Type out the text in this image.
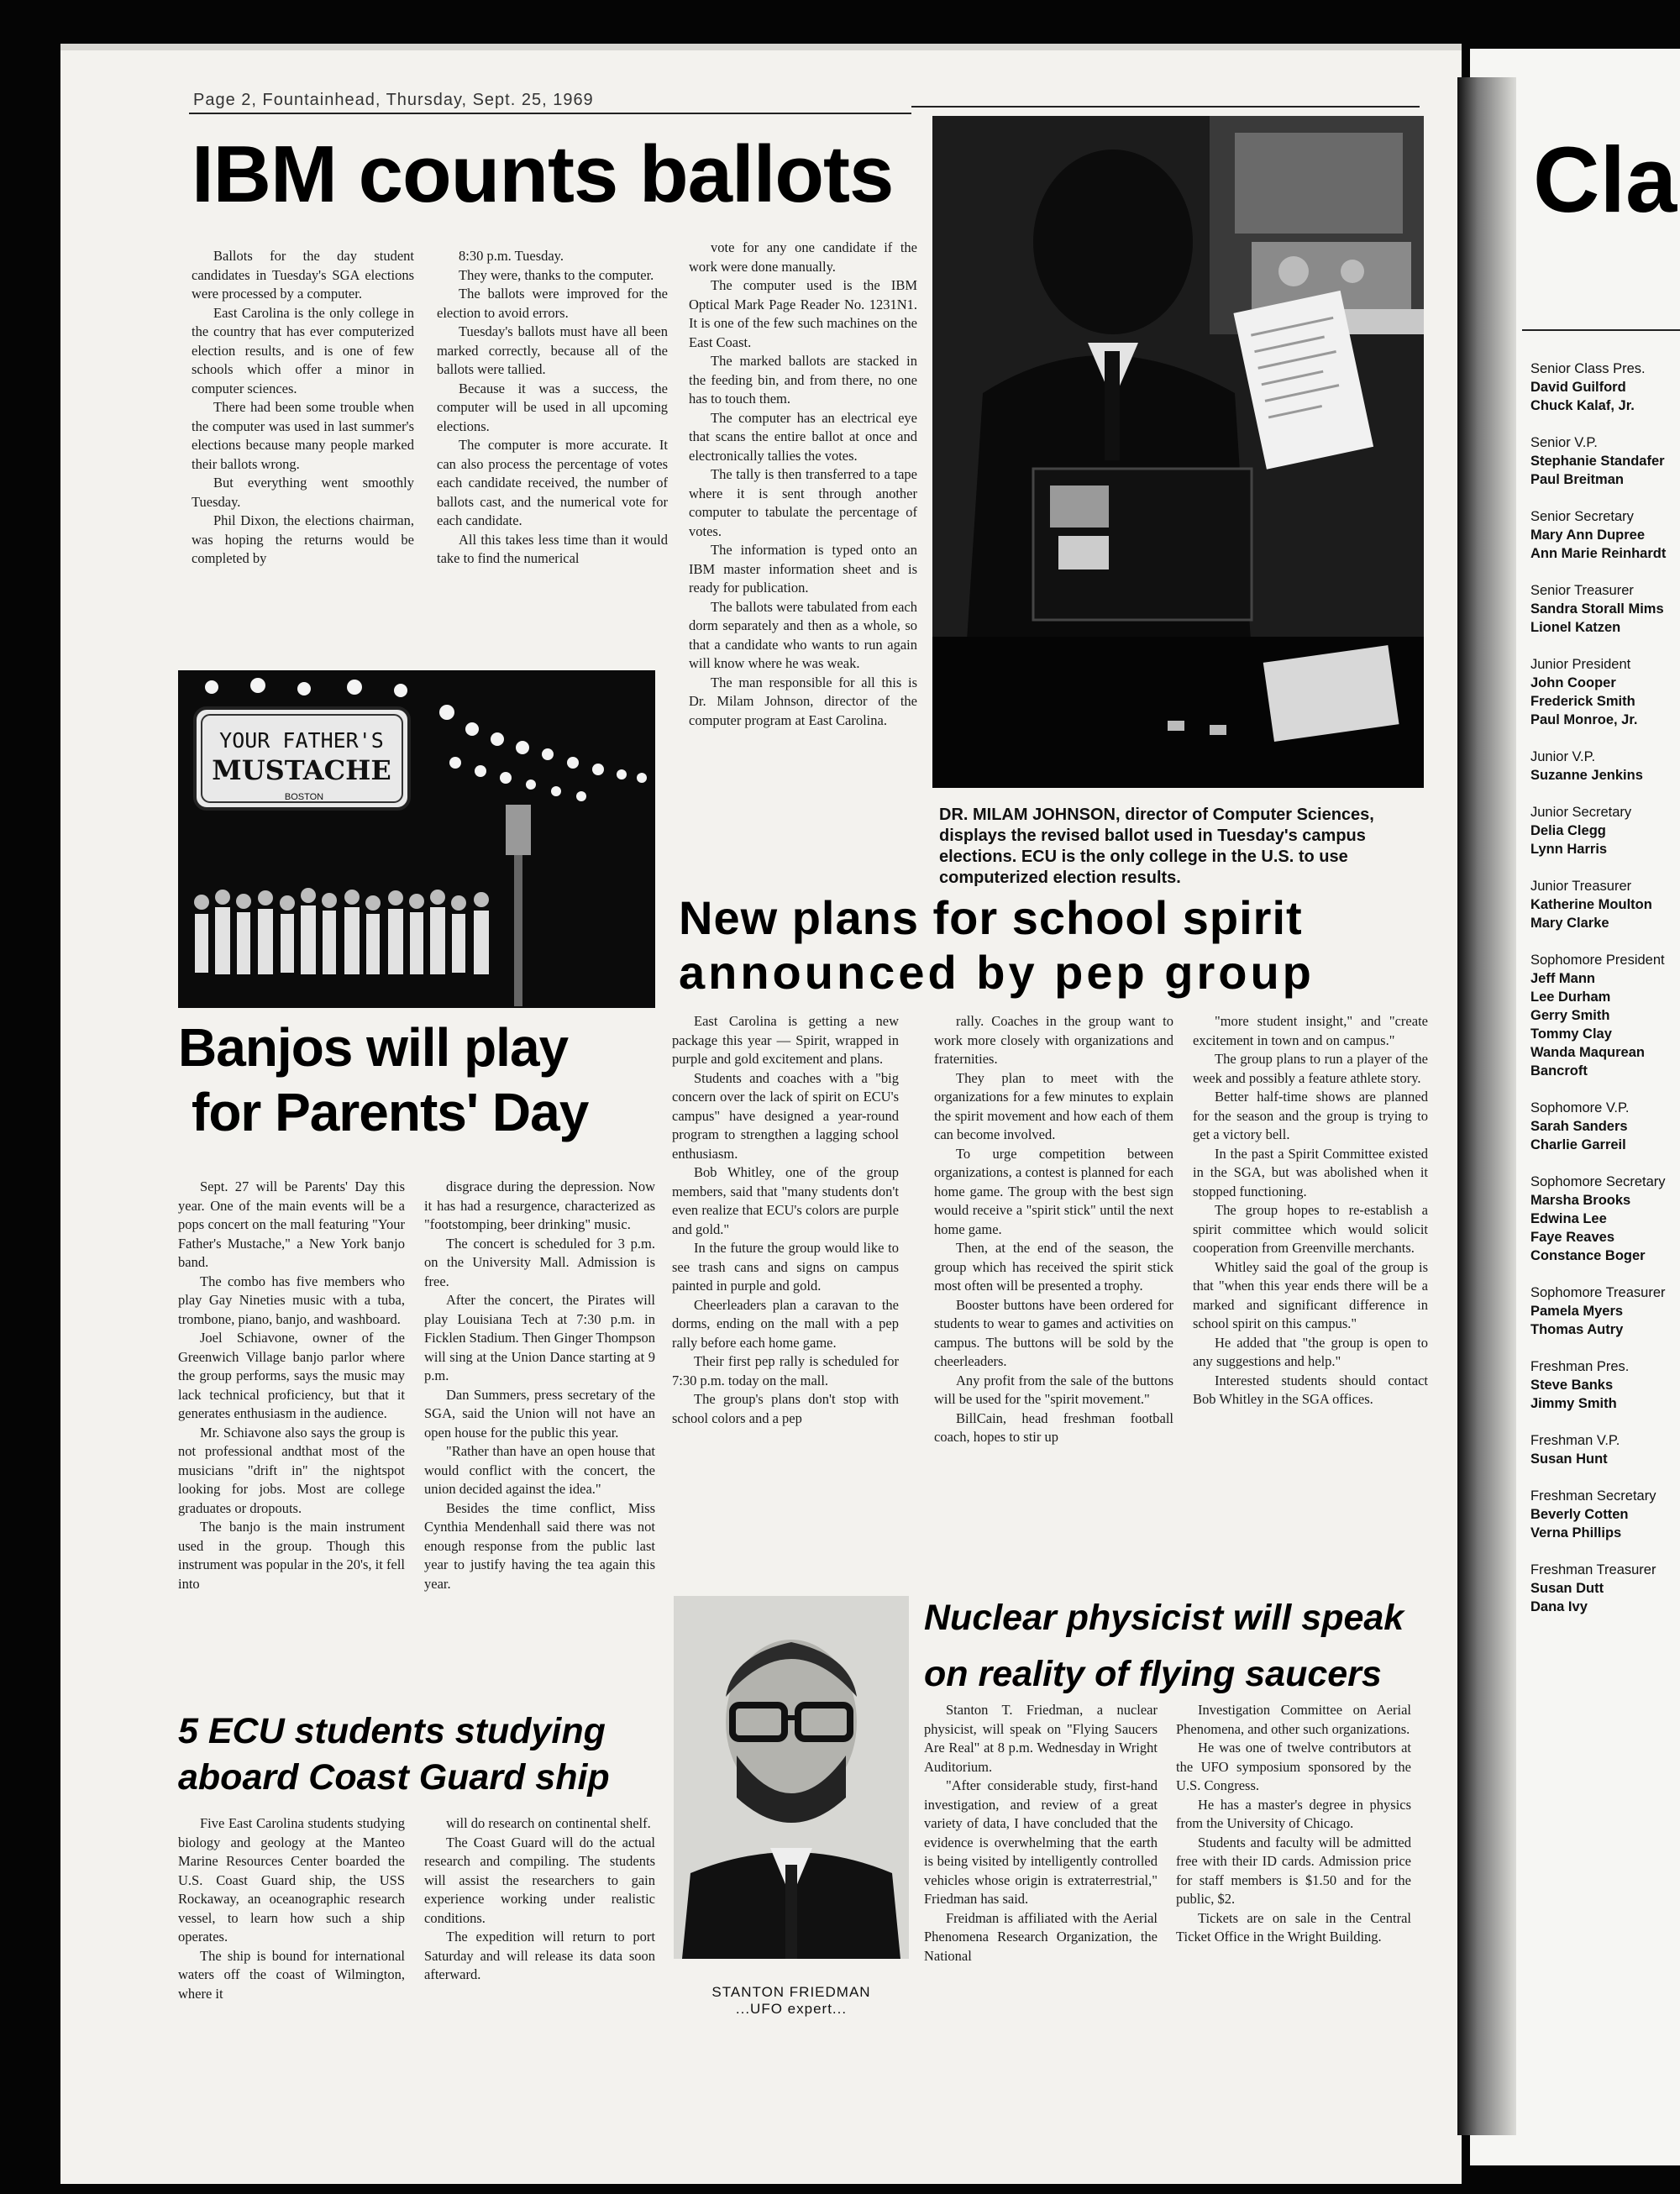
Page 2, Fountainhead, Thursday, Sept. 25, 1969
IBM counts ballots

Ballots for the day student candidates in Tuesday's SGA elections were processed by a computer.

East Carolina is the only college in the country that has ever computerized election results, and is one of few schools which offer a minor in computer sciences.

There had been some trouble when the computer was used in last summer's elections because many people marked their ballots wrong.

But everything went smoothly Tuesday.

Phil Dixon, the elections chairman, was hoping the returns would be completed by

8:30 p.m. Tuesday.

They were, thanks to the computer.

The ballots were improved for the election to avoid errors.

Tuesday's ballots must have all been marked correctly, because all of the ballots were tallied.

Because it was a success, the computer will be used in all upcoming elections.

The computer is more accurate. It can also process the percentage of votes each candidate received, the number of ballots cast, and the numerical vote for each candidate.

All this takes less time than it would take to find the numerical

vote for any one candidate if the work were done manually.

The computer used is the IBM Optical Mark Page Reader No. 1231N1. It is one of the few such machines on the East Coast.

The marked ballots are stacked in the feeding bin, and from there, no one has to touch them.

The computer has an electrical eye that scans the entire ballot at once and electronically tallies the votes.

The tally is then transferred to a tape where it is sent through another computer to tabulate the percentage of votes.

The information is typed onto an IBM master information sheet and is ready for publication.

The ballots were tabulated from each dorm separately and then as a whole, so that a candidate who wants to run again will know where he was weak.

The man responsible for all this is Dr. Milam Johnson, director of the computer program at East Carolina.

DR. MILAM JOHNSON, director of Computer Sciences, displays the revised ballot used in Tuesday's campus elections. ECU is the only college in the U.S. to use computerized election results.
YOUR FATHER'S
MUSTACHE
BOSTON
Banjos will play
for Parents' Day

Sept. 27 will be Parents' Day this year. One of the main events will be a pops concert on the mall featuring "Your Father's Mustache," a New York banjo band.

The combo has five members who play Gay Nineties music with a tuba, trombone, piano, banjo, and washboard.

Joel Schiavone, owner of the Greenwich Village banjo parlor where the group performs, says the music may lack technical proficiency, but that it generates enthusiasm in the audience.

Mr. Schiavone also says the group is not professional andthat most of the musicians "drift in" the nightspot looking for jobs. Most are college graduates or dropouts.

The banjo is the main instrument used in the group. Though this instrument was popular in the 20's, it fell into

disgrace during the depression. Now it has had a resurgence, characterized as "footstomping, beer drinking" music.

The concert is scheduled for 3 p.m. on the University Mall. Admission is free.

After the concert, the Pirates will play Louisiana Tech at 7:30 p.m. in Ficklen Stadium. Then Ginger Thompson will sing at the Union Dance starting at 9 p.m.

Dan Summers, press secretary of the SGA, said the Union will not have an open house for the public this year.

"Rather than have an open house that would conflict with the concert, the union decided against the idea."

Besides the time conflict, Miss Cynthia Mendenhall said there was not enough response from the public last year to justify having the tea again this year.

5 ECU students studying
aboard Coast Guard ship

Five East Carolina students studying biology and geology at the Manteo Marine Resources Center boarded the U.S. Coast Guard ship, the USS Rockaway, an oceanographic research vessel, to learn how such a ship operates.

The ship is bound for international waters off the coast of Wilmington, where it

will do research on continental shelf.

The Coast Guard will do the actual research and compiling. The students will assist the researchers to gain experience working under realistic conditions.

The expedition will return to port Saturday and will release its data soon afterward.

New plans for school spirit
announced by pep group

East Carolina is getting a new package this year — Spirit, wrapped in purple and gold excitement and plans.

Students and coaches with a "big concern over the lack of spirit on ECU's campus" have designed a year-round program to strengthen a lagging school enthusiasm.

Bob Whitley, one of the group members, said that "many students don't even realize that ECU's colors are purple and gold."

In the future the group would like to see trash cans and signs on campus painted in purple and gold.

Cheerleaders plan a caravan to the dorms, ending on the mall with a pep rally before each home game.

Their first pep rally is scheduled for 7:30 p.m. today on the mall.

The group's plans don't stop with school colors and a pep

rally. Coaches in the group want to work more closely with organizations and fraternities.

They plan to meet with the organizations for a few minutes to explain the spirit movement and how each of them can become involved.

To urge competition between organizations, a contest is planned for each home game. The group with the best sign would receive a "spirit stick" until the next home game.

Then, at the end of the season, the group which has received the spirit stick most often will be presented a trophy.

Booster buttons have been ordered for students to wear to games and activities on campus. The buttons will be sold by the cheerleaders.

Any profit from the sale of the buttons will be used for the "spirit movement."

BillCain, head freshman football coach, hopes to stir up

"more student insight," and "create excitement in town and on campus."

The group plans to run a player of the week and possibly a feature athlete story.

Better half-time shows are planned for the season and the group is trying to get a victory bell.

In the past a Spirit Committee existed in the SGA, but was abolished when it stopped functioning.

The group hopes to re-establish a spirit committee which would solicit cooperation from Greenville merchants.

Whitley said the goal of the group is that "when this year ends there will be a marked and significant difference in school spirit on this campus."

He added that "the group is open to any suggestions and help."

Interested students should contact Bob Whitley in the SGA offices.

STANTON FRIEDMAN
...UFO expert...
Nuclear physicist will speak
on reality of flying saucers

Stanton T. Friedman, a nuclear physicist, will speak on "Flying Saucers Are Real" at 8 p.m. Wednesday in Wright Auditorium.

"After considerable study, first-hand investigation, and review of a great variety of data, I have concluded that the evidence is overwhelming that the earth is being visited by intelligently controlled vehicles whose origin is extraterrestrial," Friedman has said.

Freidman is affiliated with the Aerial Phenomena Research Organization, the National

Investigation Committee on Aerial Phenomena, and other such organizations.

He was one of twelve contributors at the UFO symposium sponsored by the U.S. Congress.

He has a master's degree in physics from the University of Chicago.

Students and faculty will be admitted free with their ID cards. Admission price for staff members is $1.50 and for the public, $2.

Tickets are on sale in the Central Ticket Office in the Wright Building.

Cla
Senior Class Pres.
David Guilford
Chuck Kalaf, Jr.
Senior V.P.
Stephanie Standafer
Paul Breitman
Senior Secretary
Mary Ann Dupree
Ann Marie Reinhardt
Senior Treasurer
Sandra Storall Mims
Lionel Katzen
Junior President
John Cooper
Frederick Smith
Paul Monroe, Jr.
Junior V.P.
Suzanne Jenkins
Junior Secretary
Delia Clegg
Lynn Harris
Junior Treasurer
Katherine Moulton
Mary Clarke
Sophomore President
Jeff Mann
Lee Durham
Gerry Smith
Tommy Clay
Wanda Maqurean
Bancroft
Sophomore V.P.
Sarah Sanders
Charlie Garreil
Sophomore Secretary
Marsha Brooks
Edwina Lee
Faye Reaves
Constance Boger
Sophomore Treasurer
Pamela Myers
Thomas Autry
Freshman Pres.
Steve Banks
Jimmy Smith
Freshman V.P.
Susan Hunt
Freshman Secretary
Beverly Cotten
Verna Phillips
Freshman Treasurer
Susan Dutt
Dana Ivy
